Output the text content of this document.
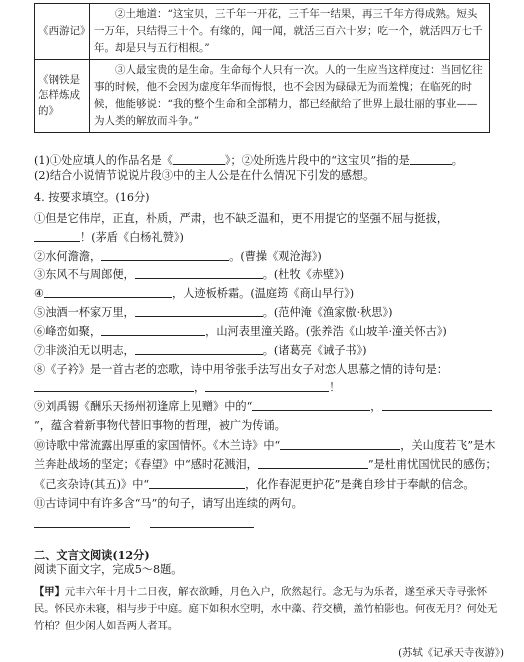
《西游记》	②土地道：“这宝贝，三千年一开花，三千年一结果，再三千年方得成熟。短头一万年，只结得三十个。有缘的，闻一闻，就活三百六十岁；吃一个，就活四万七千年。却是只与五行相根。”
《钢铁是怎样炼成的》	③人最宝贵的是生命。生命每个人只有一次。人的一生应当这样度过：当回忆往事的时候，他不会因为虚度年华而悔恨，也不会因为碌碌无为而羞愧；在临死的时候，他能够说：“我的整个生命和全部精力，都已经献给了世界上最壮丽的事业——为人类的解放而斗争。”

(1)①处应填人的作品名是《	》；②处所选片段中的“这宝贝”指的是	。

(2)结合小说情节说说片段③中的主人公是在什么情况下引发的感想。

4. 按要求填空。(16分)

①但是它伟岸，正直，朴质，严肃，也不缺乏温和，更不用提它的坚强不屈与挺拔，
！(茅盾《白杨礼赞》)

②水何澹澹，	。(曹操《观沧海》)

③东风不与周郎便，	。(杜牧《赤壁》)

④	，人迹板桥霜。(温庭筠《商山早行》)

⑤浊酒一杯家万里，	。(范仲淹《渔家傲·秋思》)

⑥峰峦如聚，	，山河表里潼关路。(张养浩《山坡羊·潼关怀古》)

⑦非淡泊无以明志，	。(诸葛亮《诫子书》)

⑧《子衿》是一首古老的恋歌，诗中用爷张手法写出女子对恋人思慕之情的诗句是：
，	！

⑨刘禹锡《酬乐天扬州初逢席上见赠》中的“	，”，蕴含着新事物代替旧事物的哲理，被广为传诵。

⑩诗歌中常流露出厚重的家国情怀。《木兰诗》中“	，关山度若飞”是木兰奔赴战场的坚定；《春望》中“感时花溅泪，	”是杜甫忧国忧民的感伤；《己亥杂诗(其五)》中“	，化作春泥更护花”是龚自珍甘于奉献的信念。

⑪古诗词中有许多含“马”的句子，请写出连续的两句。

二、文言文阅读(12分)

阅读下面文字，完成5～8题。

【甲】元丰六年十月十二日夜，解衣欲睡，月色入户，欣然起行。念无与为乐者，遂至承天寺寻张怀民。怀民亦未寝，相与步于中庭。庭下如积水空明，水中藻、荇交横，盖竹柏影也。何夜无月？何处无竹柏？但少闲人如吾两人者耳。

(苏轼《记承天寺夜游》)
